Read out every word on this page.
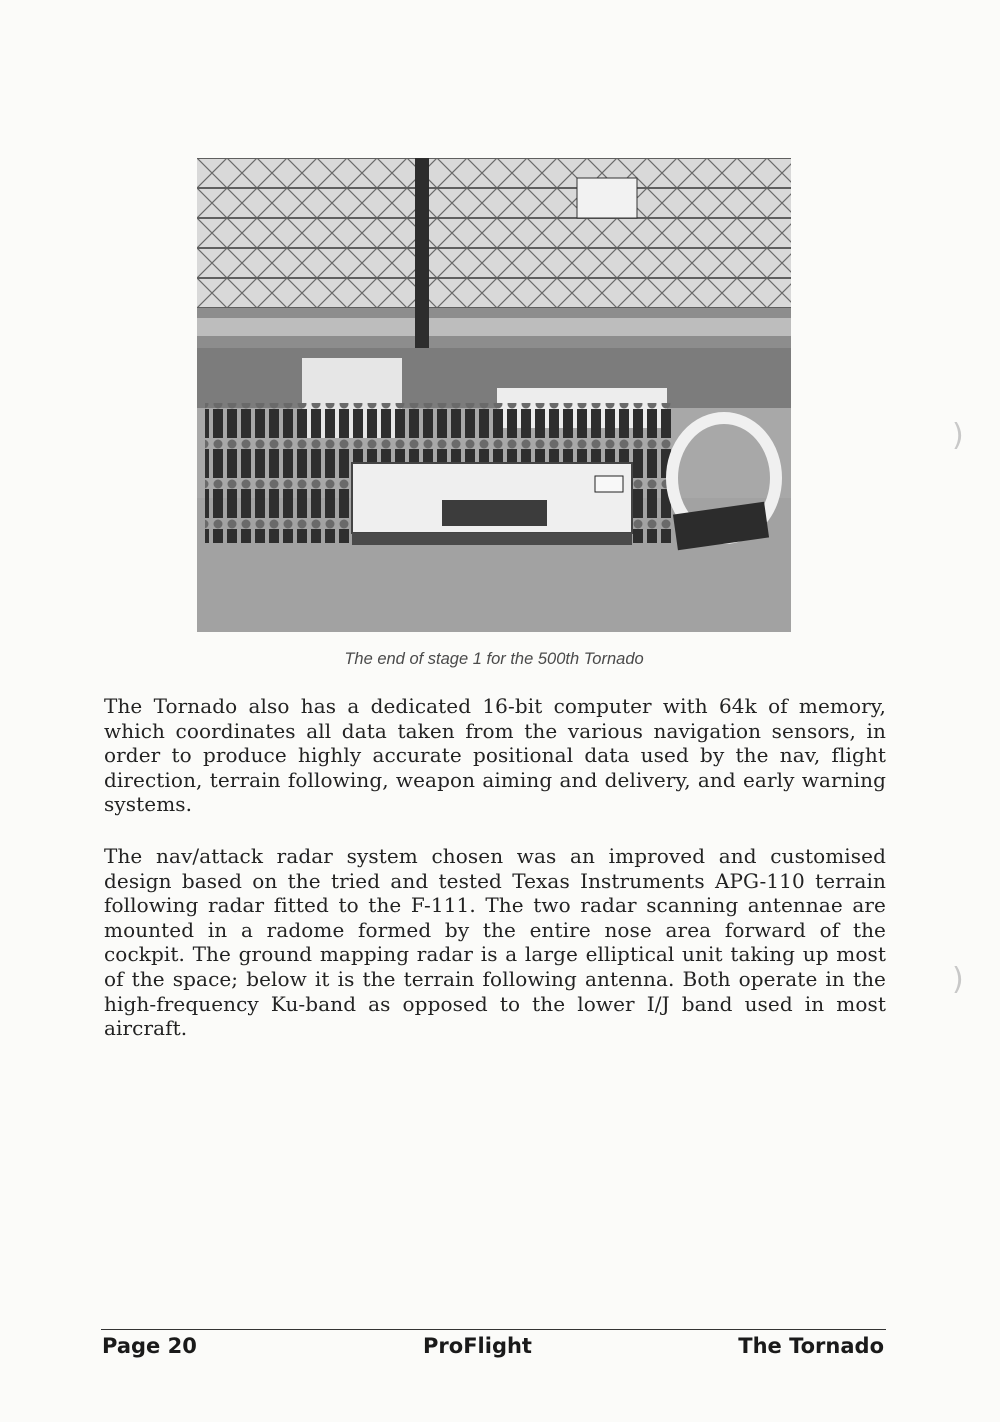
The end of stage 1 for the 500th Tornado

The Tornado also has a dedicated 16-bit computer with 64k of memory, which coordinates all data taken from the various navigation sensors, in order to produce highly accurate positional data used by the nav, flight direction, terrain following, weapon aiming and delivery, and early warning systems.

The nav/attack radar system chosen was an improved and customised design based on the tried and tested Texas Instruments APG-110 terrain following radar fitted to the F-111. The two radar scanning antennae are mounted in a radome formed by the entire nose area forward of the cockpit. The ground mapping radar is a large elliptical unit taking up most of the space; below it is the terrain following antenna. Both operate in the high-frequency Ku-band as opposed to the lower I/J band used in most aircraft.

)
)
Page 20	ProFlight	The Tornado
